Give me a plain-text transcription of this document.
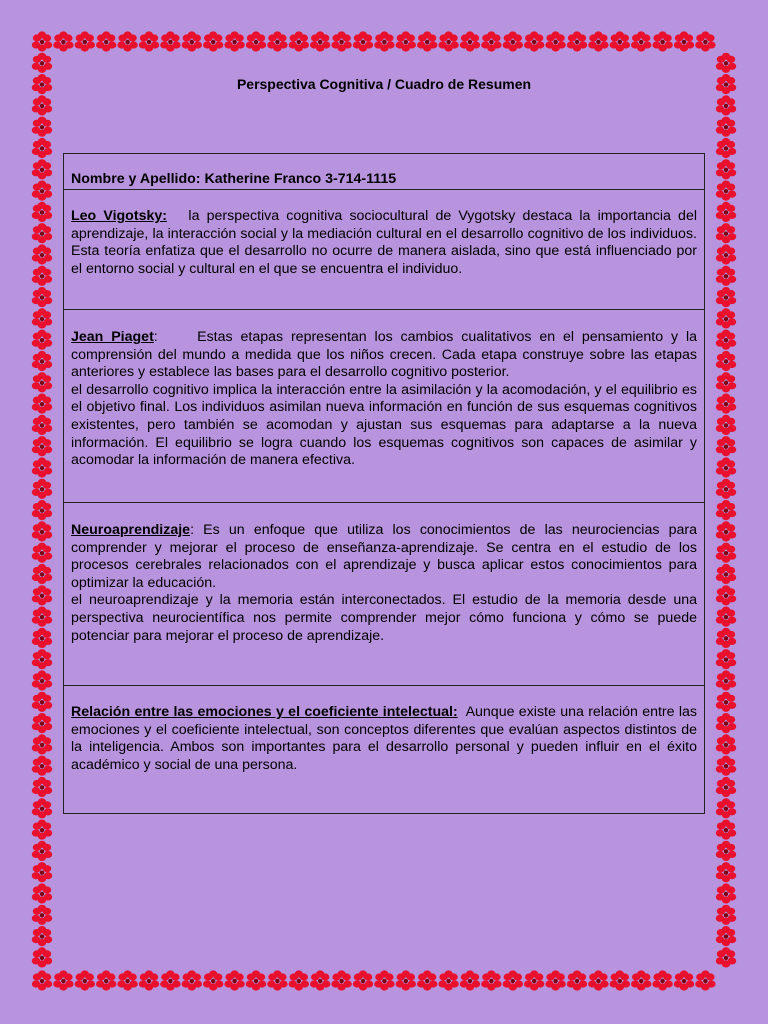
Perspectiva Cognitiva / Cuadro de Resumen
Nombre y Apellido: Katherine Franco 3-714-1115
Leo Vigotsky: la perspectiva cognitiva sociocultural de Vygotsky destaca la importancia del aprendizaje, la interacción social y la mediación cultural en el desarrollo cognitivo de los individuos. Esta teoría enfatiza que el desarrollo no ocurre de manera aislada, sino que está influenciado por el entorno social y cultural en el que se encuentra el individuo.
Jean Piaget:     Estas etapas representan los cambios cualitativos en el pensamiento y la comprensión del mundo a medida que los niños crecen. Cada etapa construye sobre las etapas anteriores y establece las bases para el desarrollo cognitivo posterior.
el desarrollo cognitivo implica la interacción entre la asimilación y la acomodación, y el equilibrio es el objetivo final. Los individuos asimilan nueva información en función de sus esquemas cognitivos existentes, pero también se acomodan y ajustan sus esquemas para adaptarse a la nueva información. El equilibrio se logra cuando los esquemas cognitivos son capaces de asimilar y acomodar la información de manera efectiva.

Neuroaprendizaje: Es un enfoque que utiliza los conocimientos de las neurociencias para comprender y mejorar el proceso de enseñanza-aprendizaje. Se centra en el estudio de los procesos cerebrales relacionados con el aprendizaje y busca aplicar estos conocimientos para optimizar la educación.
el neuroaprendizaje y la memoria están interconectados. El estudio de la memoria desde una perspectiva neurocientífica nos permite comprender mejor cómo funciona y cómo se puede potenciar para mejorar el proceso de aprendizaje.

Relación entre las emociones y el coeficiente intelectual: Aunque existe una relación entre las emociones y el coeficiente intelectual, son conceptos diferentes que evalúan aspectos distintos de la inteligencia. Ambos son importantes para el desarrollo personal y pueden influir en el éxito académico y social de una persona.
